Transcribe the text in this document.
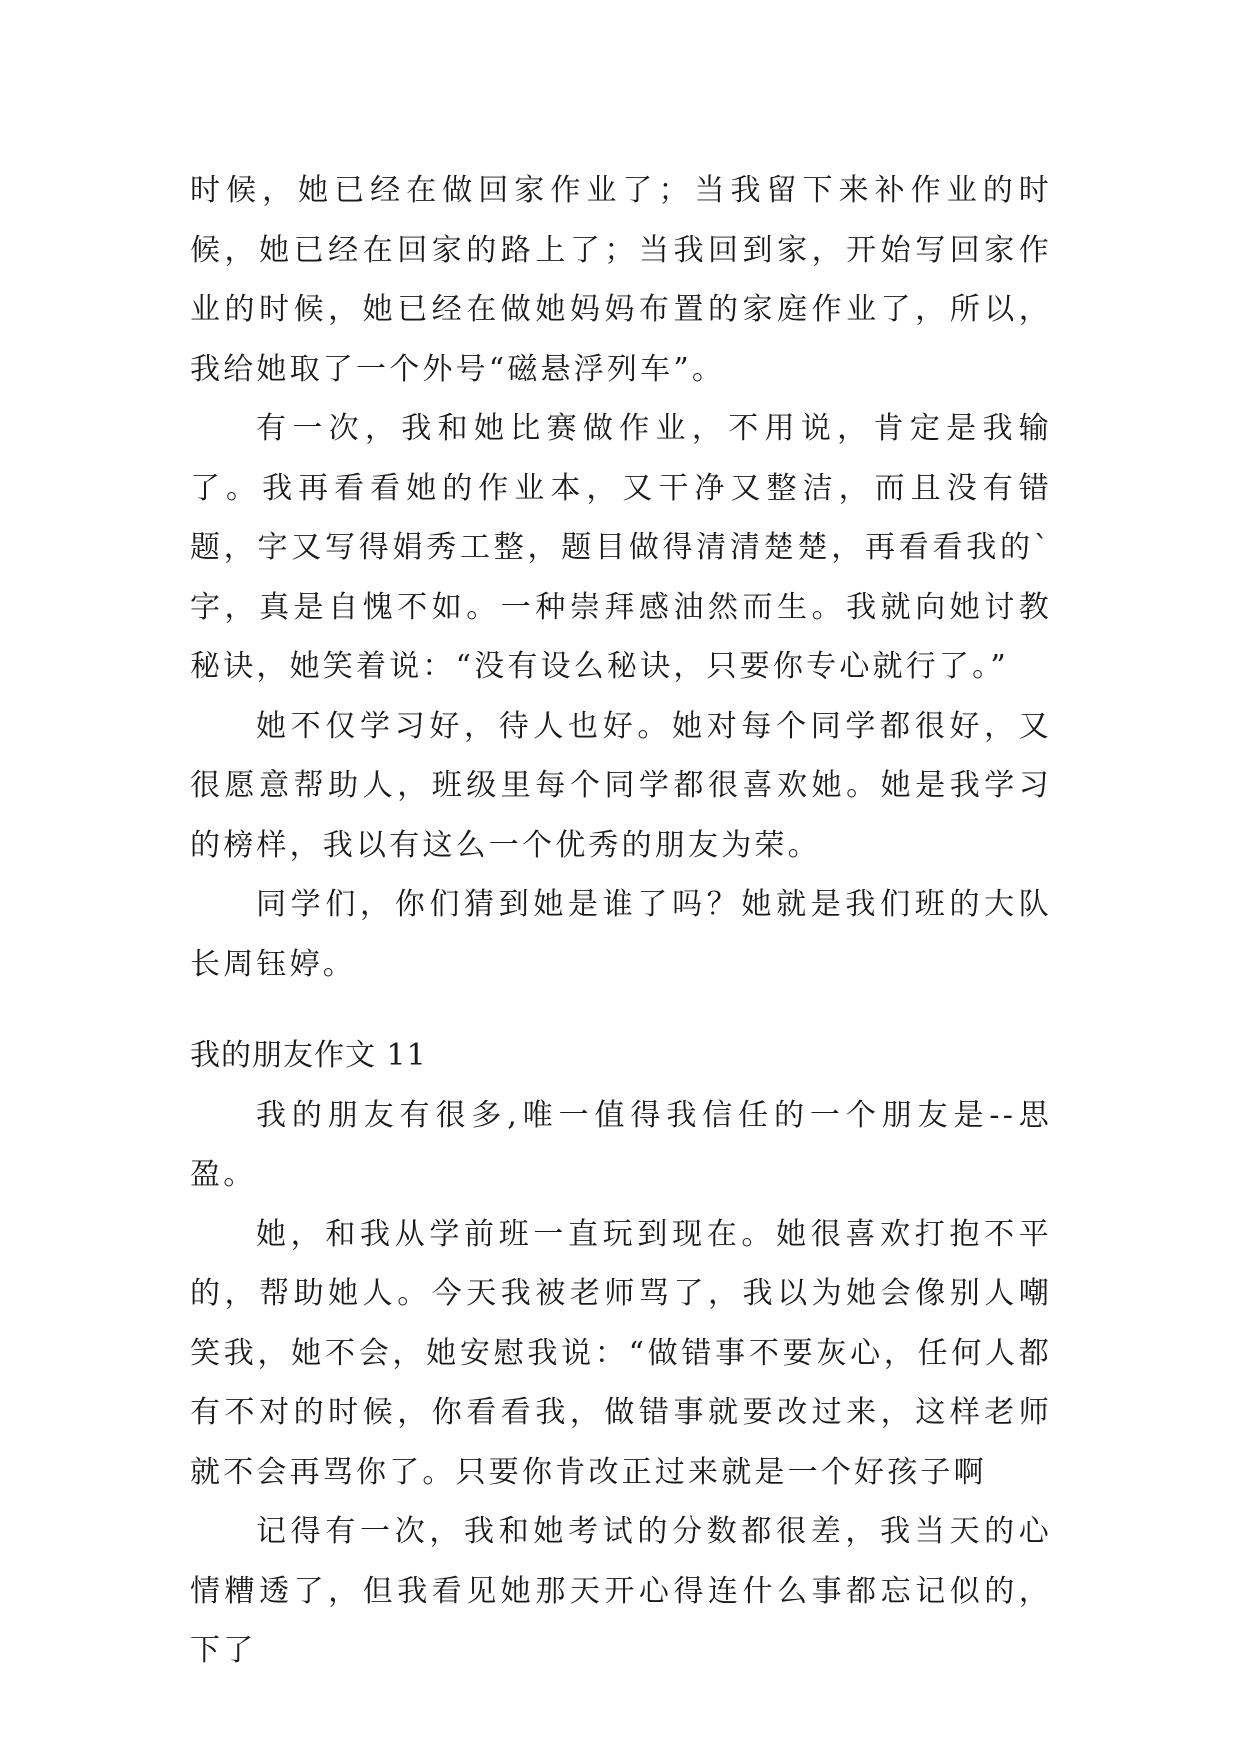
时候，她已经在做回家作业了；当我留下来补作业的时候，她已经在回家的路上了；当我回到家，开始写回家作业的时候，她已经在做她妈妈布置的家庭作业了，所以，我给她取了一个外号“磁悬浮列车”。

有一次，我和她比赛做作业，不用说，肯定是我输了。我再看看她的作业本，又干净又整洁，而且没有错题，字又写得娟秀工整，题目做得清清楚楚，再看看我的`字，真是自愧不如。一种崇拜感油然而生。我就向她讨教秘诀，她笑着说：“没有设么秘诀，只要你专心就行了。”

她不仅学习好，待人也好。她对每个同学都很好，又很愿意帮助人，班级里每个同学都很喜欢她。她是我学习的榜样，我以有这么一个优秀的朋友为荣。

同学们，你们猜到她是谁了吗？她就是我们班的大队长周钰婷。

我的朋友作文 11

我的朋友有很多,唯一值得我信任的一个朋友是--思盈。

她，和我从学前班一直玩到现在。她很喜欢打抱不平的，帮助她人。今天我被老师骂了，我以为她会像别人嘲笑我，她不会，她安慰我说：“做错事不要灰心，任何人都有不对的时候，你看看我，做错事就要改过来，这样老师就不会再骂你了。只要你肯改正过来就是一个好孩子啊

记得有一次，我和她考试的分数都很差，我当天的心情糟透了，但我看见她那天开心得连什么事都忘记似的，下了
